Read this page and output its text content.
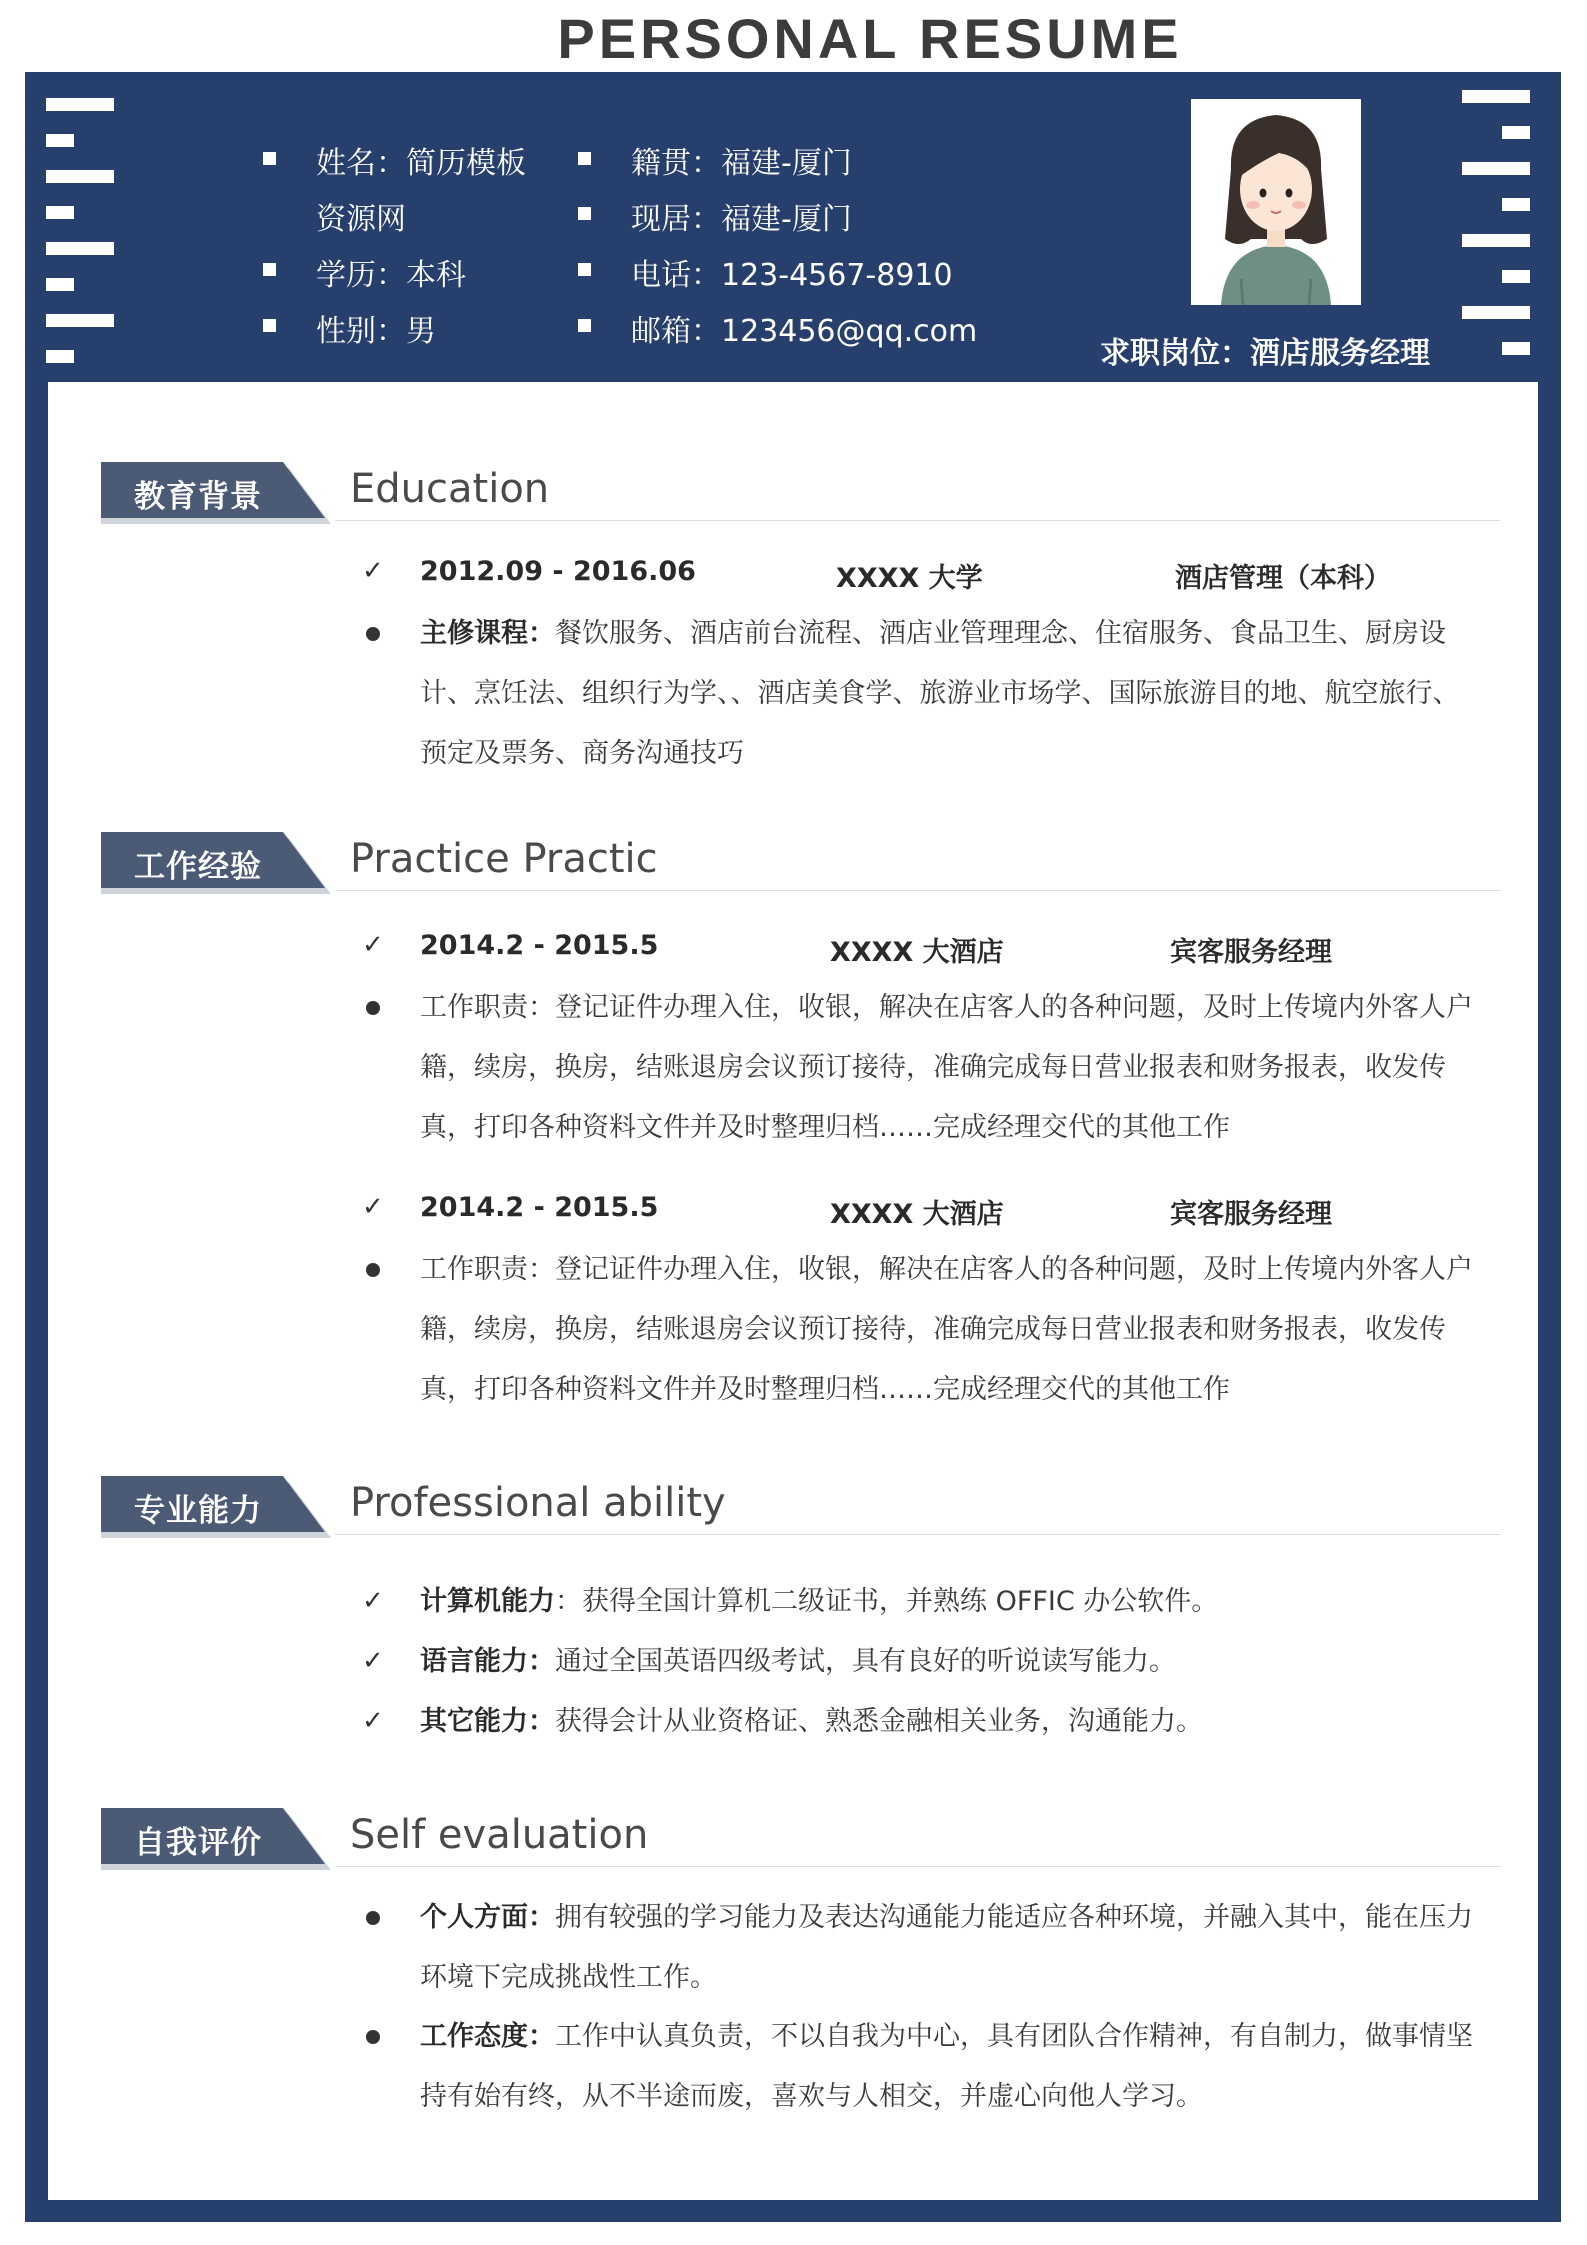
PERSONAL RESUME
姓名：简历模板
资源网
学历：本科
性别：男
籍贯：福建-厦门
现居：福建-厦门
电话：123-4567-8910
邮箱：123456@qq.com
求职岗位：酒店服务经理
教育背景 Education
✓ 2012.09 - 2016.06	XXXX 大学	酒店管理（本科）
主修课程：餐饮服务、酒店前台流程、酒店业管理理念、住宿服务、食品卫生、厨房设计、烹饪法、组织行为学、、酒店美食学、旅游业市场学、国际旅游目的地、航空旅行、预定及票务、商务沟通技巧
工作经验 Practice Practic
✓ 2014.2 - 2015.5	XXXX 大酒店	宾客服务经理
工作职责：登记证件办理入住，收银，解决在店客人的各种问题，及时上传境内外客人户籍，续房，换房，结账退房会议预订接待，准确完成每日营业报表和财务报表，收发传真，打印各种资料文件并及时整理归档……完成经理交代的其他工作
✓ 2014.2 - 2015.5	XXXX 大酒店	宾客服务经理
工作职责：登记证件办理入住，收银，解决在店客人的各种问题，及时上传境内外客人户籍，续房，换房，结账退房会议预订接待，准确完成每日营业报表和财务报表，收发传真，打印各种资料文件并及时整理归档……完成经理交代的其他工作
专业能力 Professional ability
✓ 计算机能力：获得全国计算机二级证书，并熟练 OFFIC 办公软件。
✓ 语言能力：通过全国英语四级考试，具有良好的听说读写能力。
✓ 其它能力：获得会计从业资格证、熟悉金融相关业务，沟通能力。
自我评价 Self evaluation
个人方面：拥有较强的学习能力及表达沟通能力能适应各种环境，并融入其中，能在压力环境下完成挑战性工作。
工作态度：工作中认真负责，不以自我为中心，具有团队合作精神，有自制力，做事情坚持有始有终，从不半途而废，喜欢与人相交，并虚心向他人学习。
